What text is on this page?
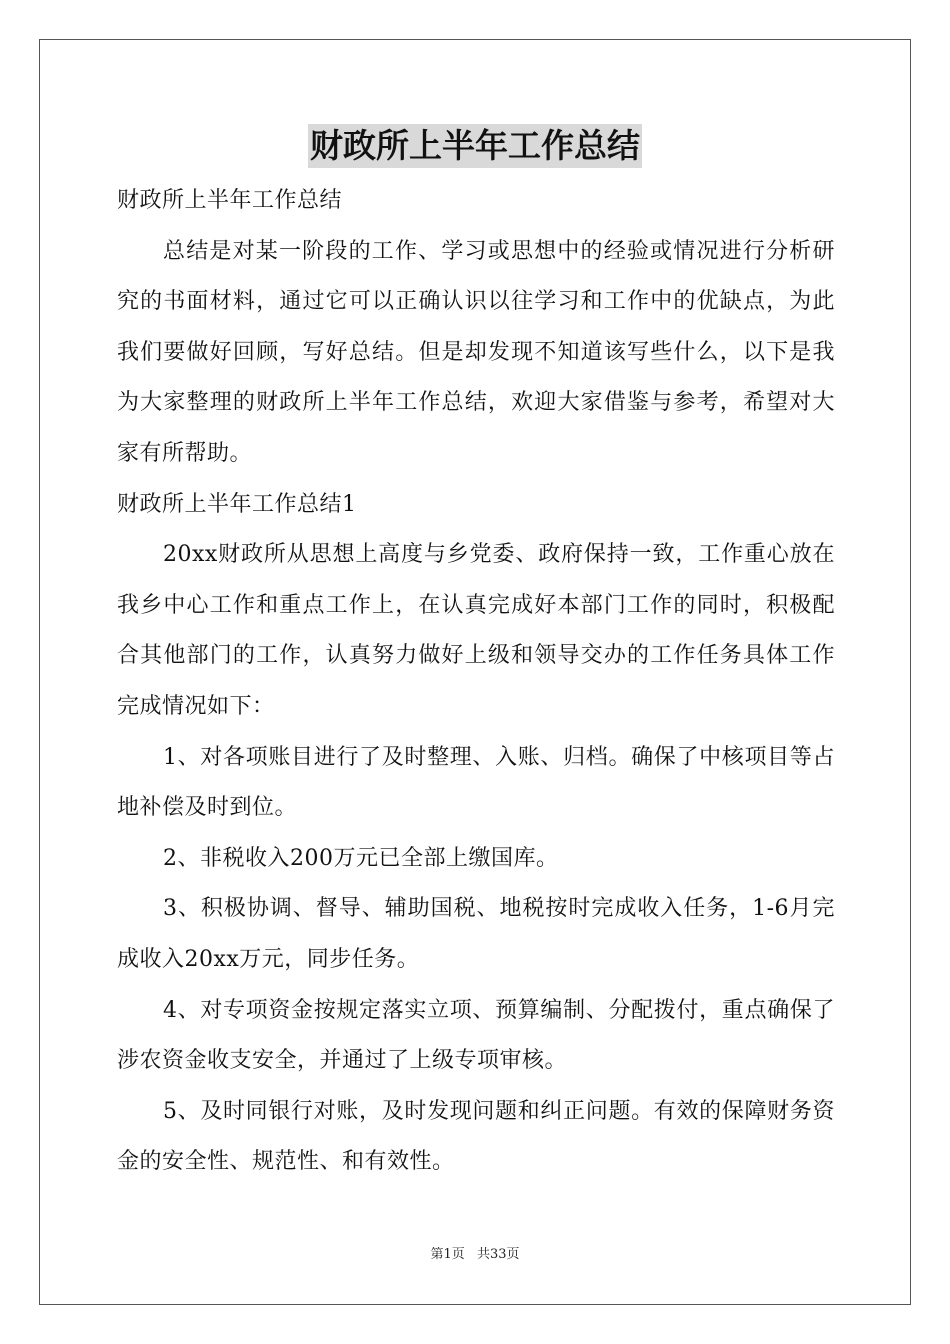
财政所上半年工作总结

财政所上半年工作总结

总结是对某一阶段的工作、学习或思想中的经验或情况进行分析研究的书面材料，通过它可以正确认识以往学习和工作中的优缺点，为此我们要做好回顾，写好总结。但是却发现不知道该写些什么，以下是我为大家整理的财政所上半年工作总结，欢迎大家借鉴与参考，希望对大家有所帮助。

财政所上半年工作总结1

20xx财政所从思想上高度与乡党委、政府保持一致，工作重心放在我乡中心工作和重点工作上，在认真完成好本部门工作的同时，积极配合其他部门的工作，认真努力做好上级和领导交办的工作任务具体工作完成情况如下：

1、对各项账目进行了及时整理、入账、归档。确保了中核项目等占地补偿及时到位。

2、非税收入200万元已全部上缴国库。

3、积极协调、督导、辅助国税、地税按时完成收入任务，1-6月完成收入20xx万元，同步任务。

4、对专项资金按规定落实立项、预算编制、分配拨付，重点确保了涉农资金收支安全，并通过了上级专项审核。

5、及时同银行对账，及时发现问题和纠正问题。有效的保障财务资金的安全性、规范性、和有效性。

第1页 共33页
